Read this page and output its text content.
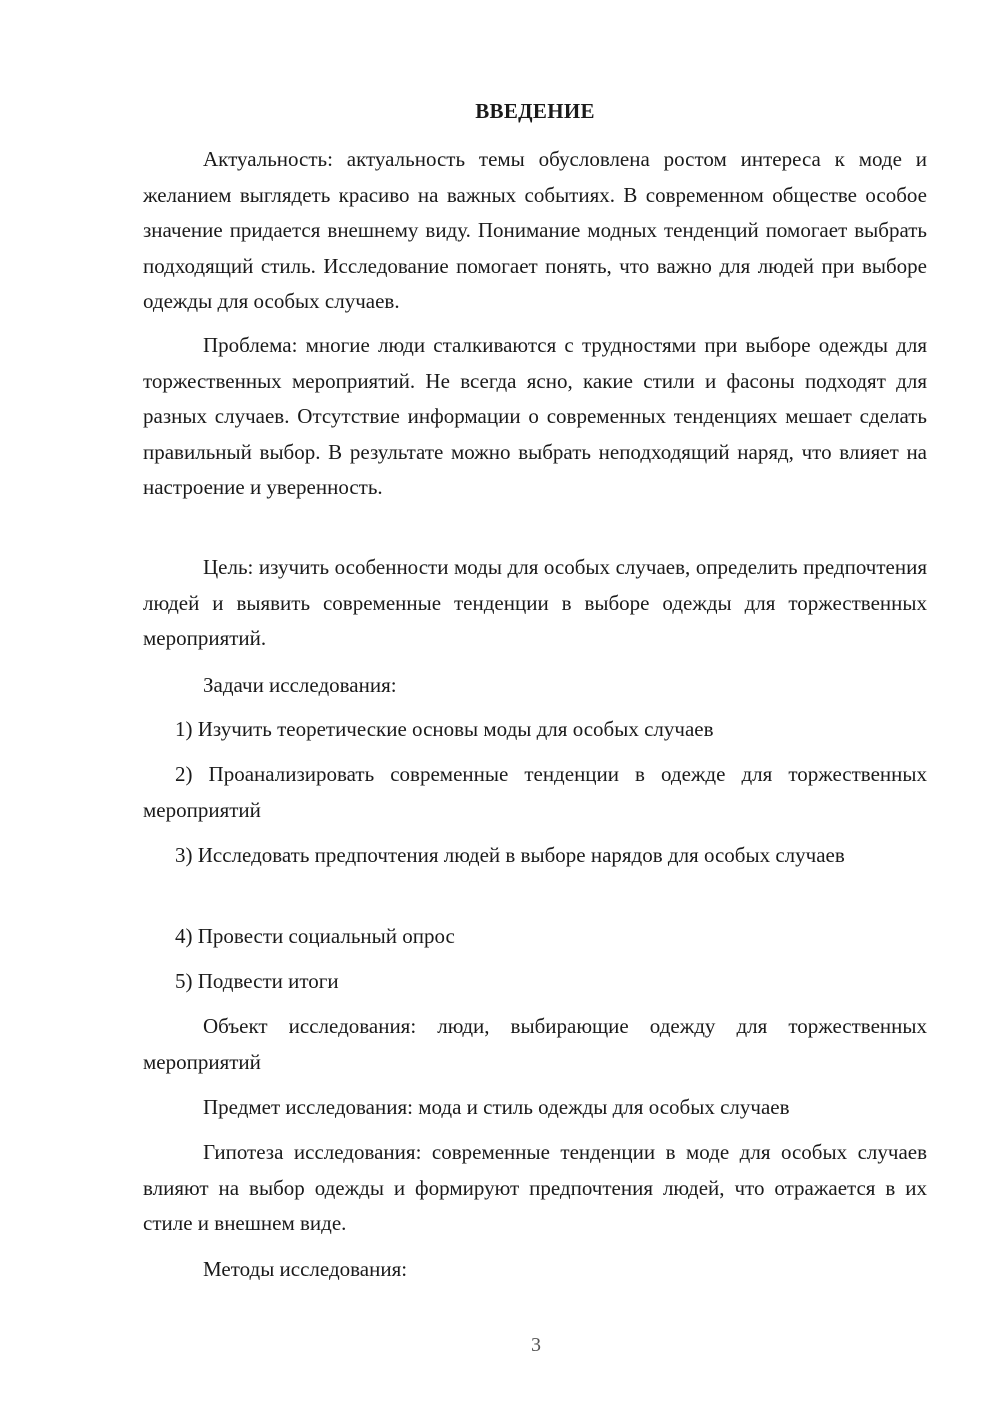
ВВЕДЕНИЕ
Актуальность: актуальность темы обусловлена ростом интереса к моде и желанием выглядеть красиво на важных событиях. В современном обществе особое значение придается внешнему виду. Понимание модных тенденций помогает выбрать подходящий стиль. Исследование помогает понять, что важно для людей при выборе одежды для особых случаев.
Проблема: многие люди сталкиваются с трудностями при выборе одежды для торжественных мероприятий. Не всегда ясно, какие стили и фасоны подходят для разных случаев. Отсутствие информации о современных тенденциях мешает сделать правильный выбор. В результате можно выбрать неподходящий наряд, что влияет на настроение и уверенность.
Цель: изучить особенности моды для особых случаев, определить предпочтения людей и выявить современные тенденции в выборе одежды для торжественных мероприятий.
Задачи исследования:
1) Изучить теоретические основы моды для особых случаев
2) Проанализировать современные тенденции в одежде для торжественных мероприятий
3) Исследовать предпочтения людей в выборе нарядов для особых случаев
4) Провести социальный опрос
5) Подвести итоги
Объект исследования: люди, выбирающие одежду для торжественных мероприятий
Предмет исследования: мода и стиль одежды для особых случаев
Гипотеза исследования: современные тенденции в моде для особых случаев влияют на выбор одежды и формируют предпочтения людей, что отражается в их стиле и внешнем виде.
Методы исследования:
3
